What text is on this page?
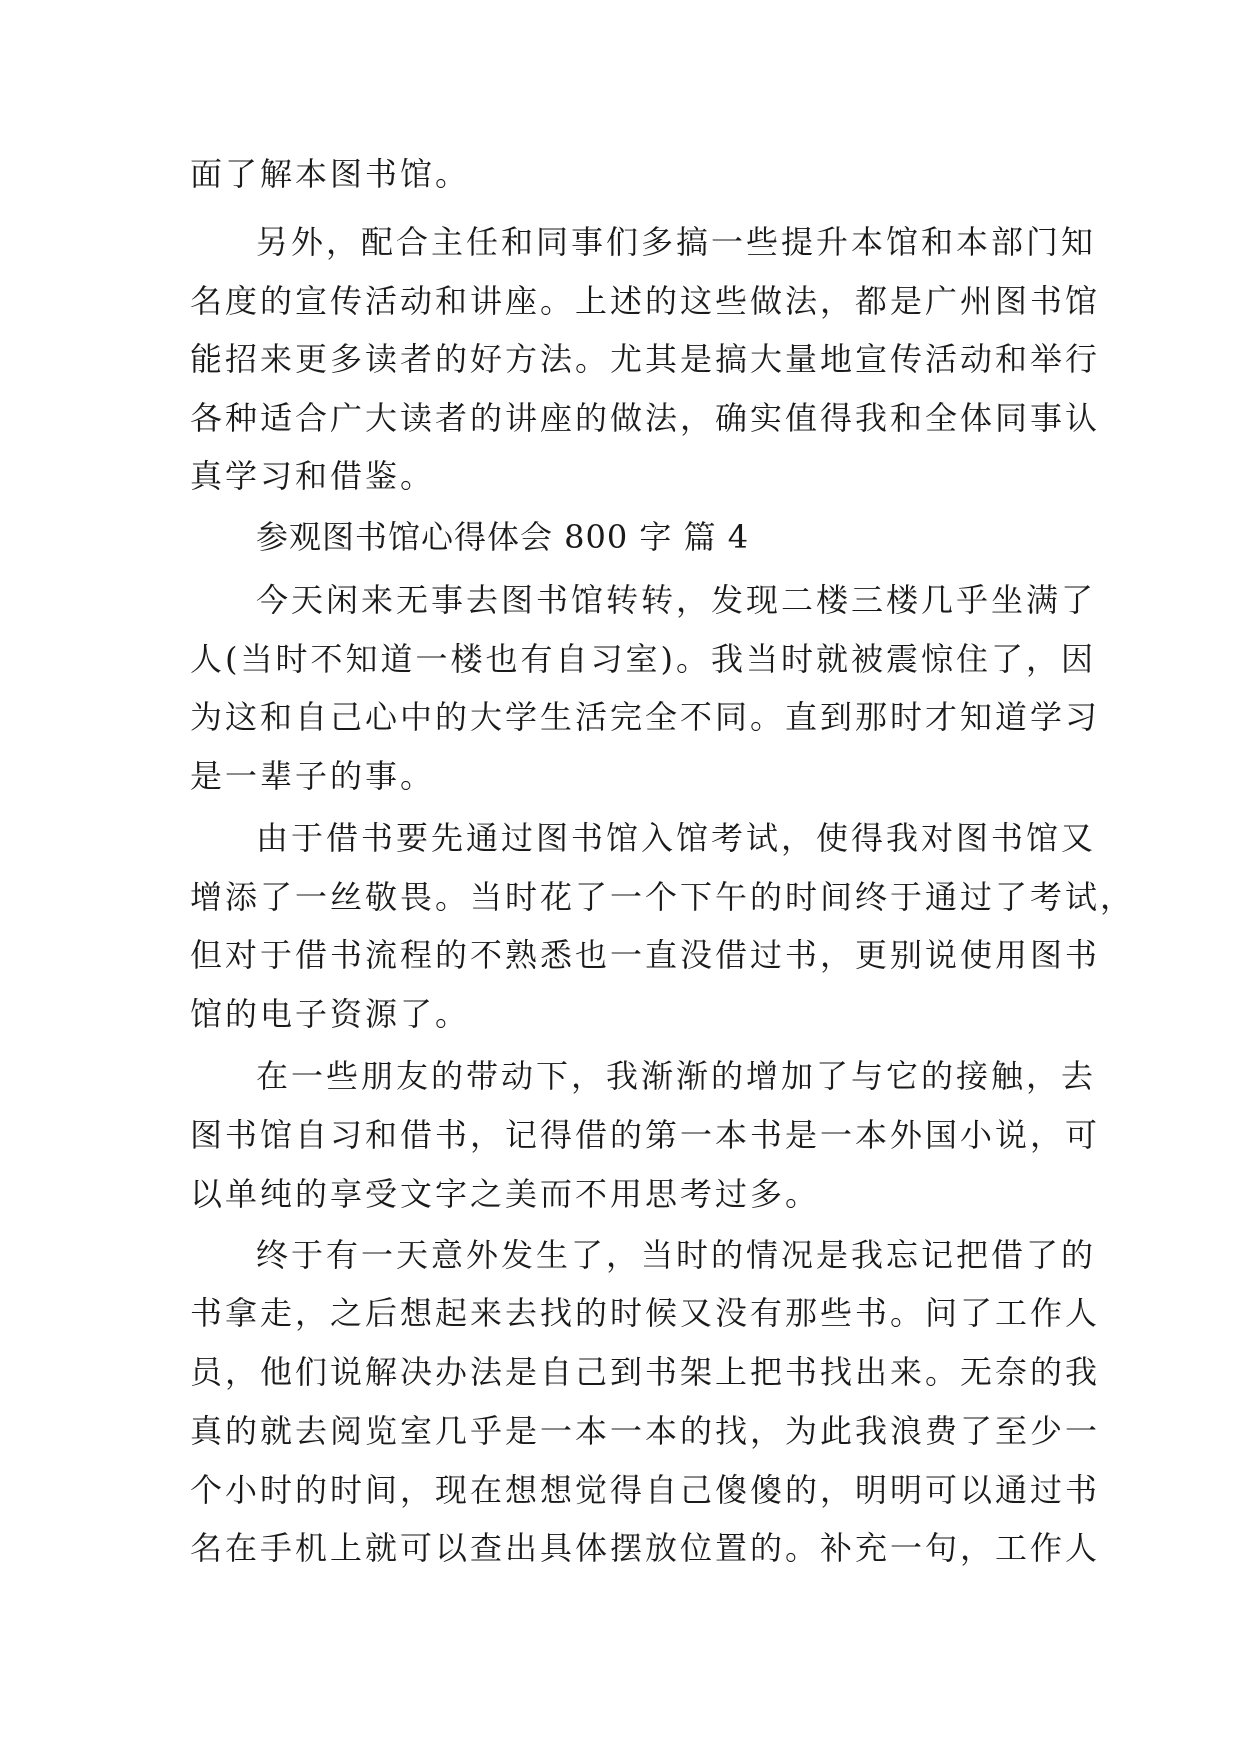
面了解本图书馆。
另外，配合主任和同事们多搞一些提升本馆和本部门知
名度的宣传活动和讲座。上述的这些做法，都是广州图书馆
能招来更多读者的好方法。尤其是搞大量地宣传活动和举行
各种适合广大读者的讲座的做法，确实值得我和全体同事认
真学习和借鉴。
参观图书馆心得体会 800 字 篇 4
今天闲来无事去图书馆转转，发现二楼三楼几乎坐满了
人(当时不知道一楼也有自习室)。我当时就被震惊住了，因
为这和自己心中的大学生活完全不同。直到那时才知道学习
是一辈子的事。
由于借书要先通过图书馆入馆考试，使得我对图书馆又
增添了一丝敬畏。当时花了一个下午的时间终于通过了考试，
但对于借书流程的不熟悉也一直没借过书，更别说使用图书
馆的电子资源了。
在一些朋友的带动下，我渐渐的增加了与它的接触，去
图书馆自习和借书，记得借的第一本书是一本外国小说，可
以单纯的享受文字之美而不用思考过多。
终于有一天意外发生了，当时的情况是我忘记把借了的
书拿走，之后想起来去找的时候又没有那些书。问了工作人
员，他们说解决办法是自己到书架上把书找出来。无奈的我
真的就去阅览室几乎是一本一本的找，为此我浪费了至少一
个小时的时间，现在想想觉得自己傻傻的，明明可以通过书
名在手机上就可以查出具体摆放位置的。补充一句，工作人
